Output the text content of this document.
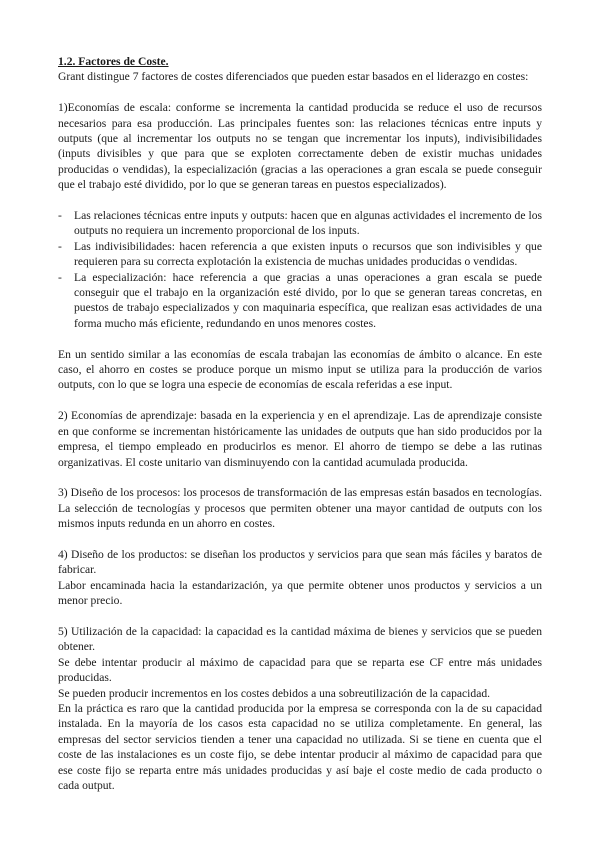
1.2. Factores de Coste.

Grant distingue 7 factores de costes diferenciados que pueden estar basados en el liderazgo en costes:

1)Economías de escala: conforme se incrementa la cantidad producida se reduce el uso de recursos necesarios para esa producción. Las principales fuentes son: las relaciones técnicas entre inputs y outputs (que al incrementar los outputs no se tengan que incrementar los inputs), indivisibilidades (inputs divisibles y que para que se exploten correctamente deben de existir muchas unidades producidas o vendidas), la especialización (gracias a las operaciones a gran escala se puede conseguir que el trabajo esté dividido, por lo que se generan tareas en puestos especializados).

- Las relaciones técnicas entre inputs y outputs: hacen que en algunas actividades el incremento de los outputs no requiera un incremento proporcional de los inputs.
- Las indivisibilidades: hacen referencia a que existen inputs o recursos que son indivisibles y que requieren para su correcta explotación la existencia de muchas unidades producidas o vendidas.
- La especialización: hace referencia a que gracias a unas operaciones a gran escala se puede conseguir que el trabajo en la organización esté divido, por lo que se generan tareas concretas, en puestos de trabajo especializados y con maquinaria específica, que realizan esas actividades de una forma mucho más eficiente, redundando en unos menores costes.

En un sentido similar a las economías de escala trabajan las economías de ámbito o alcance. En este caso, el ahorro en costes se produce porque un mismo input se utiliza para la producción de varios outputs, con lo que se logra una especie de economías de escala referidas a ese input.

2) Economías de aprendizaje: basada en la experiencia y en el aprendizaje. Las de aprendizaje consiste en que conforme se incrementan históricamente las unidades de outputs que han sido producidos por la empresa, el tiempo empleado en producirlos es menor. El ahorro de tiempo se debe a las rutinas organizativas. El coste unitario van disminuyendo con la cantidad acumulada producida.

3) Diseño de los procesos: los procesos de transformación de las empresas están basados en tecnologías. La selección de tecnologías y procesos que permiten obtener una mayor cantidad de outputs con los mismos inputs redunda en un ahorro en costes.

4) Diseño de los productos: se diseñan los productos y servicios para que sean más fáciles y baratos de fabricar.

Labor encaminada hacia la estandarización, ya que permite obtener unos productos y servicios a un menor precio.

5) Utilización de la capacidad: la capacidad es la cantidad máxima de bienes y servicios que se pueden obtener.

Se debe intentar producir al máximo de capacidad para que se reparta ese CF entre más unidades producidas.

Se pueden producir incrementos en los costes debidos a una sobreutilización de la capacidad.

En la práctica es raro que la cantidad producida por la empresa se corresponda con la de su capacidad instalada. En la mayoría de los casos esta capacidad no se utiliza completamente. En general, las empresas del sector servicios tienden a tener una capacidad no utilizada. Si se tiene en cuenta que el coste de las instalaciones es un coste fijo, se debe intentar producir al máximo de capacidad para que ese coste fijo se reparta entre más unidades producidas y así baje el coste medio de cada producto o cada output.
